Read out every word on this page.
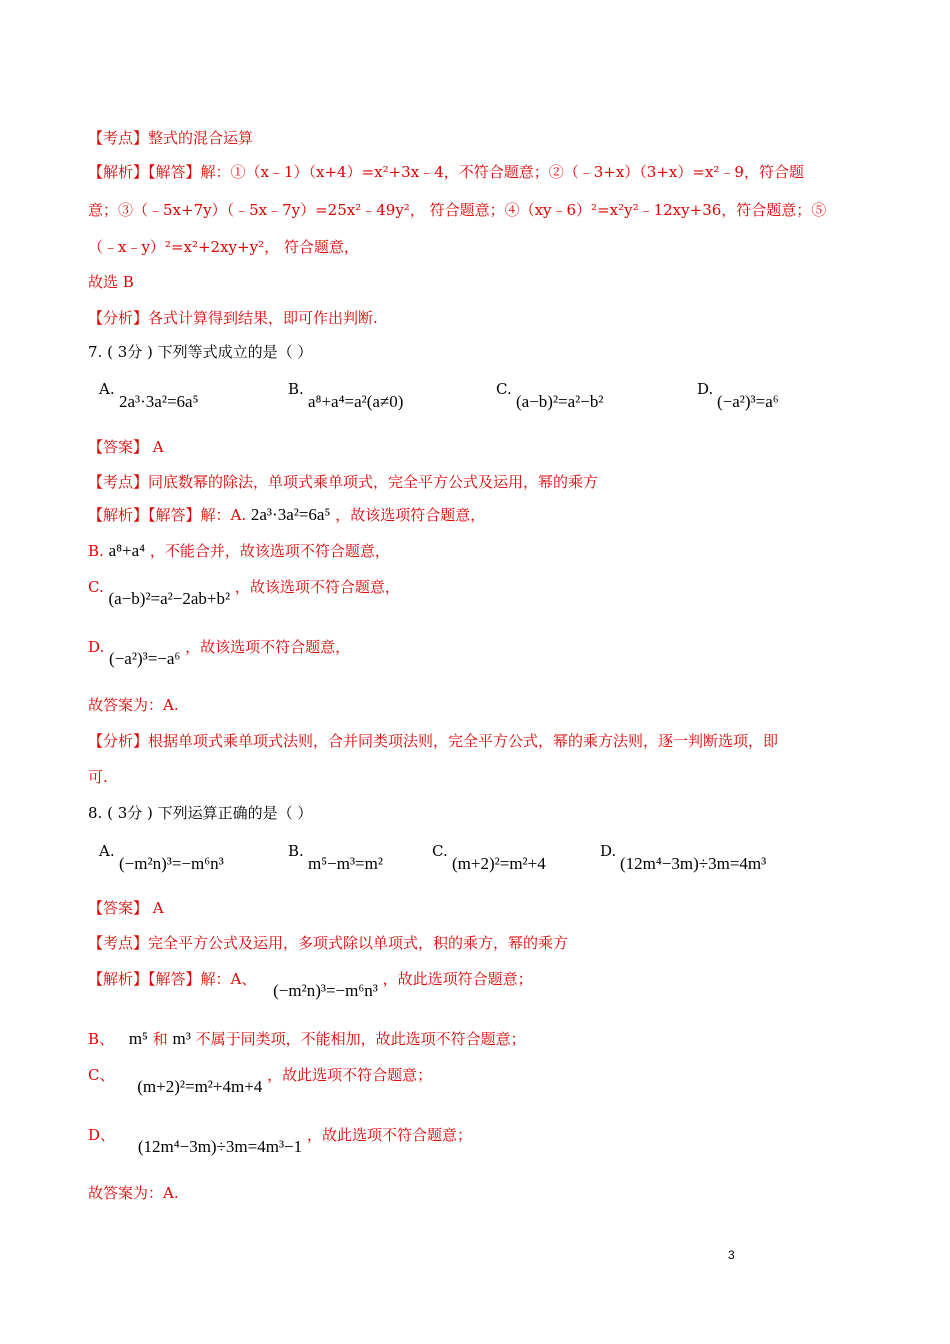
【考点】整式的混合运算
【解析】【解答】解：①（x﹣1）（x+4）=x²+3x﹣4，不符合题意；②（﹣3+x）（3+x）=x²﹣9，符合题
意；③（﹣5x+7y）（﹣5x﹣7y）=25x²﹣49y²， 符合题意；④（xy﹣6）²=x²y²﹣12xy+36，符合题意；⑤
（﹣x﹣y）²=x²+2xy+y²， 符合题意，
故选 B
【分析】各式计算得到结果，即可作出判断.
7. ( 3分 ) 下列等式成立的是（ ）
A.
2a³·3a²=6a⁵
B.
a⁸+a⁴=a²(a≠0)
C.
(a−b)²=a²−b²
D.
(−a²)³=a⁶
【答案】 A
【考点】同底数幂的除法，单项式乘单项式，完全平方公式及运用，幂的乘方
【解析】【解答】解：A. 2a³·3a²=6a⁵ ，故该选项符合题意，
B. a⁸+a⁴ ，不能合并，故该选项不符合题意，
C. (a−b)²=a²−2ab+b² ，故该选项不符合题意，
D. (−a²)³=−a⁶ ，故该选项不符合题意，
故答案为：A.
【分析】根据单项式乘单项式法则，合并同类项法则，完全平方公式，幂的乘方法则，逐一判断选项，即
可.
8. ( 3分 ) 下列运算正确的是（ ）
A.
(−m²n)³=−m⁶n³
B.
m⁵−m³=m²
C.
(m+2)²=m²+4
D.
(12m⁴−3m)÷3m=4m³
【答案】 A
【考点】完全平方公式及运用，多项式除以单项式，积的乘方，幂的乘方
【解析】【解答】解：A、 (−m²n)³=−m⁶n³ ，故此选项符合题意；
B、 m⁵ 和 m³ 不属于同类项，不能相加，故此选项不符合题意；
C、 (m+2)²=m²+4m+4 ，故此选项不符合题意；
D、 (12m⁴−3m)÷3m=4m³−1 ，故此选项不符合题意；
故答案为：A.
3
